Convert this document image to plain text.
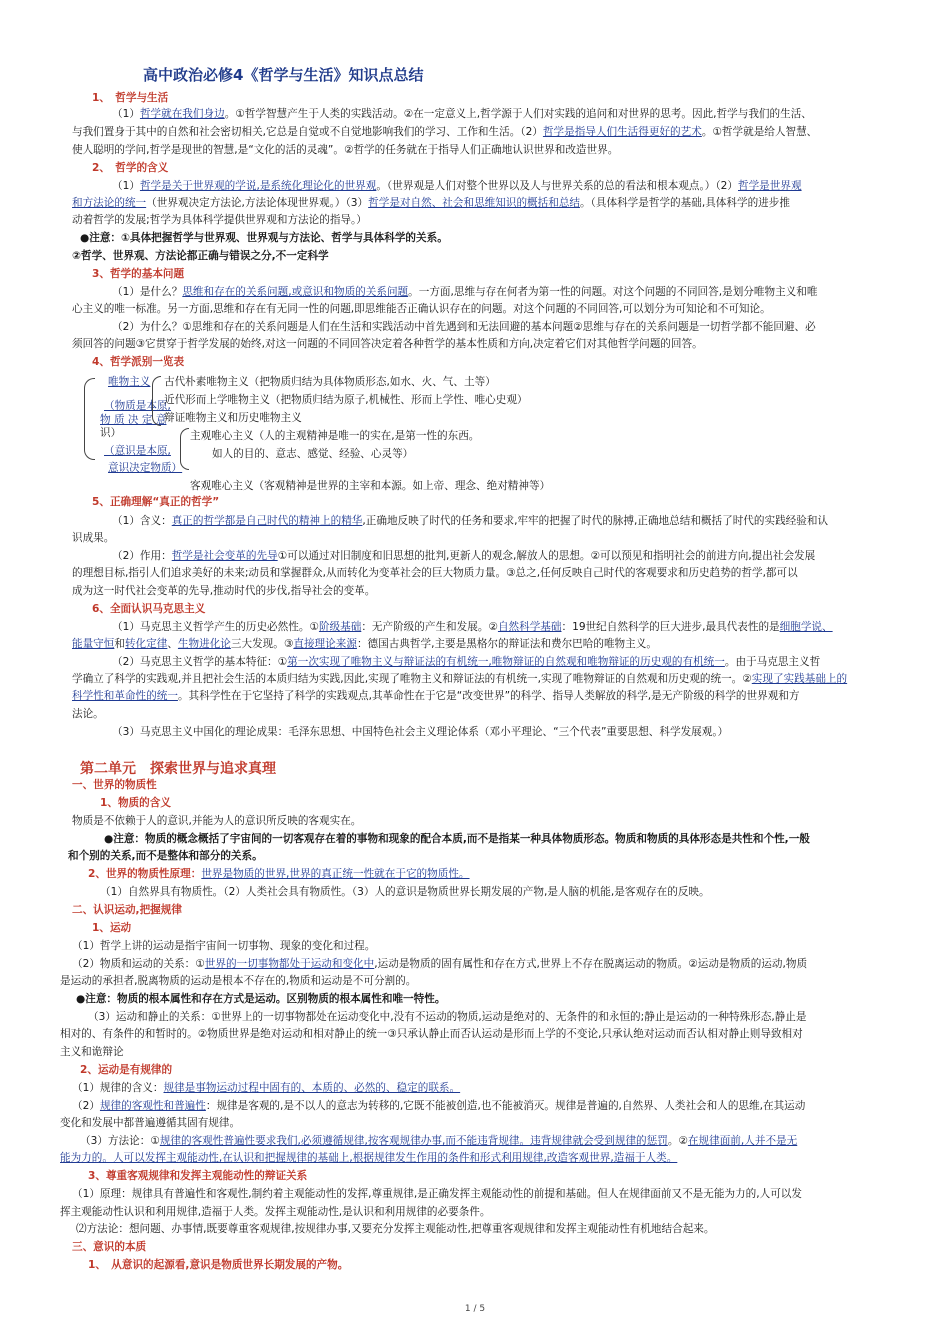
高中政治必修4《哲学与生活》知识点总结
1、　哲学与生活
（1）哲学就在我们身边。①哲学智慧产生于人类的实践活动。②在一定意义上,哲学源于人们对实践的追问和对世界的思考。因此,哲学与我们的生活、
与我们置身于其中的自然和社会密切相关,它总是自觉或不自觉地影响我们的学习、工作和生活。（2）哲学是指导人们生活得更好的艺术。①哲学就是给人智慧、
使人聪明的学问,哲学是现世的智慧,是“文化的活的灵魂”。②哲学的任务就在于指导人们正确地认识世界和改造世界。
2、　哲学的含义
（1）哲学是关于世界观的学说,是系统化理论化的世界观。（世界观是人们对整个世界以及人与世界关系的总的看法和根本观点。）（2）哲学是世界观
和方法论的统一（世界观决定方法论,方法论体现世界观。）（3）哲学是对自然、社会和思维知识的概括和总结。（具体科学是哲学的基础,具体科学的进步推
动着哲学的发展;哲学为具体科学提供世界观和方法论的指导。）
●注意：①具体把握哲学与世界观、世界观与方法论、哲学与具体科学的关系。
②哲学、世界观、方法论都正确与错误之分,不一定科学
3、哲学的基本问题
（1）是什么？思维和存在的关系问题,或意识和物质的关系问题。一方面,思维与存在何者为第一性的问题。对这个问题的不同回答,是划分唯物主义和唯
心主义的唯一标准。另一方面,思维和存在有无同一性的问题,即思维能否正确认识存在的问题。对这个问题的不同回答,可以划分为可知论和不可知论。
（2）为什么？①思维和存在的关系问题是人们在生活和实践活动中首先遇到和无法回避的基本问题②思维与存在的关系问题是一切哲学都不能回避、必
须回答的问题③它贯穿于哲学发展的始终,对这一问题的不同回答决定着各种哲学的基本性质和方向,决定着它们对其他哲学问题的回答。
4、哲学派别一览表
唯物主义
（物质是本原,
物 质 决 定 意
识）
（意识是本原,
意识决定物质）
古代朴素唯物主义（把物质归结为具体物质形态,如水、火、气、土等）
近代形而上学唯物主义（把物质归结为原子,机械性、形而上学性、唯心史观）
辩证唯物主义和历史唯物主义
主观唯心主义（人的主观精神是唯一的实在,是第一性的东西。
如人的目的、意志、感觉、经验、心灵等）
客观唯心主义（客观精神是世界的主宰和本源。如上帝、理念、绝对精神等）
5、正确理解“真正的哲学”
（1）含义：真正的哲学都是自己时代的精神上的精华,正确地反映了时代的任务和要求,牢牢的把握了时代的脉搏,正确地总结和概括了时代的实践经验和认
识成果。
（2）作用：哲学是社会变革的先导①可以通过对旧制度和旧思想的批判,更新人的观念,解放人的思想。②可以预见和指明社会的前进方向,提出社会发展
的理想目标,指引人们追求美好的未来;动员和掌握群众,从而转化为变革社会的巨大物质力量。③总之,任何反映自己时代的客观要求和历史趋势的哲学,都可以
成为这一时代社会变革的先导,推动时代的步伐,指导社会的变革。
6、全面认识马克思主义
（1）马克思主义哲学产生的历史必然性。①阶级基础：无产阶级的产生和发展。②自然科学基础：19世纪自然科学的巨大进步,最具代表性的是细胞学说、
能量守恒和转化定律、生物进化论三大发现。③直接理论来源：德国古典哲学,主要是黑格尔的辩证法和费尔巴哈的唯物主义。
（2）马克思主义哲学的基本特征：①第一次实现了唯物主义与辩证法的有机统一,唯物辩证的自然观和唯物辩证的历史观的有机统一。由于马克思主义哲
学确立了科学的实践观,并且把社会生活的本质归结为实践,因此,实现了唯物主义和辩证法的有机统一,实现了唯物辩证的自然观和历史观的统一。②实现了实践基础上的
科学性和革命性的统一。其科学性在于它坚持了科学的实践观点,其革命性在于它是“改变世界”的科学、指导人类解放的科学,是无产阶级的科学的世界观和方
法论。
（3）马克思主义中国化的理论成果：毛泽东思想、中国特色社会主义理论体系（邓小平理论、“三个代表”重要思想、科学发展观。）
第二单元　探索世界与追求真理
一、世界的物质性
1、物质的含义
物质是不依赖于人的意识,并能为人的意识所反映的客观实在。
●注意：物质的概念概括了宇宙间的一切客观存在着的事物和现象的配合本质,而不是指某一种具体物质形态。物质和物质的具体形态是共性和个性,一般
和个别的关系,而不是整体和部分的关系。
2、世界的物质性原理：世界是物质的世界,世界的真正统一性就在于它的物质性。
（1）自然界具有物质性。（2）人类社会具有物质性。（3）人的意识是物质世界长期发展的产物,是人脑的机能,是客观存在的反映。
二、认识运动,把握规律
1、运动
（1）哲学上讲的运动是指宇宙间一切事物、现象的变化和过程。
（2）物质和运动的关系：①世界的一切事物都处于运动和变化中,运动是物质的固有属性和存在方式,世界上不存在脱离运动的物质。②运动是物质的运动,物质
是运动的承担者,脱离物质的运动是根本不存在的,物质和运动是不可分割的。
●注意：物质的根本属性和存在方式是运动。区别物质的根本属性和唯一特性。
（3）运动和静止的关系：①世界上的一切事物都处在运动变化中,没有不运动的物质,运动是绝对的、无条件的和永恒的;静止是运动的一种特殊形态,静止是
相对的、有条件的和暂时的。②物质世界是绝对运动和相对静止的统一③只承认静止而否认运动是形而上学的不变论,只承认绝对运动而否认相对静止则导致相对
主义和诡辩论
2、运动是有规律的
（1）规律的含义：规律是事物运动过程中固有的、本质的、必然的、稳定的联系。
（2）规律的客观性和普遍性：规律是客观的,是不以人的意志为转移的,它既不能被创造,也不能被消灭。规律是普遍的,自然界、人类社会和人的思维,在其运动
变化和发展中都普遍遵循其固有规律。
（3）方法论：①规律的客观性普遍性要求我们,必须遵循规律,按客观规律办事,而不能违背规律。违背规律就会受到规律的惩罚。②在规律面前,人并不是无
能为力的。人可以发挥主观能动性,在认识和把握规律的基础上,根据规律发生作用的条件和形式利用规律,改造客观世界,造福于人类。
3、尊重客观规律和发挥主观能动性的辩证关系
（1）原理：规律具有普遍性和客观性,制约着主观能动性的发挥,尊重规律,是正确发挥主观能动性的前提和基础。但人在规律面前又不是无能为力的,人可以发
挥主观能动性认识和利用规律,造福于人类。发挥主观能动性,是认识和利用规律的必要条件。
⑵方法论：想问题、办事情,既要尊重客观规律,按规律办事,又要充分发挥主观能动性,把尊重客观规律和发挥主观能动性有机地结合起来。
三、意识的本质
1、　从意识的起源看,意识是物质世界长期发展的产物。
1 / 5
